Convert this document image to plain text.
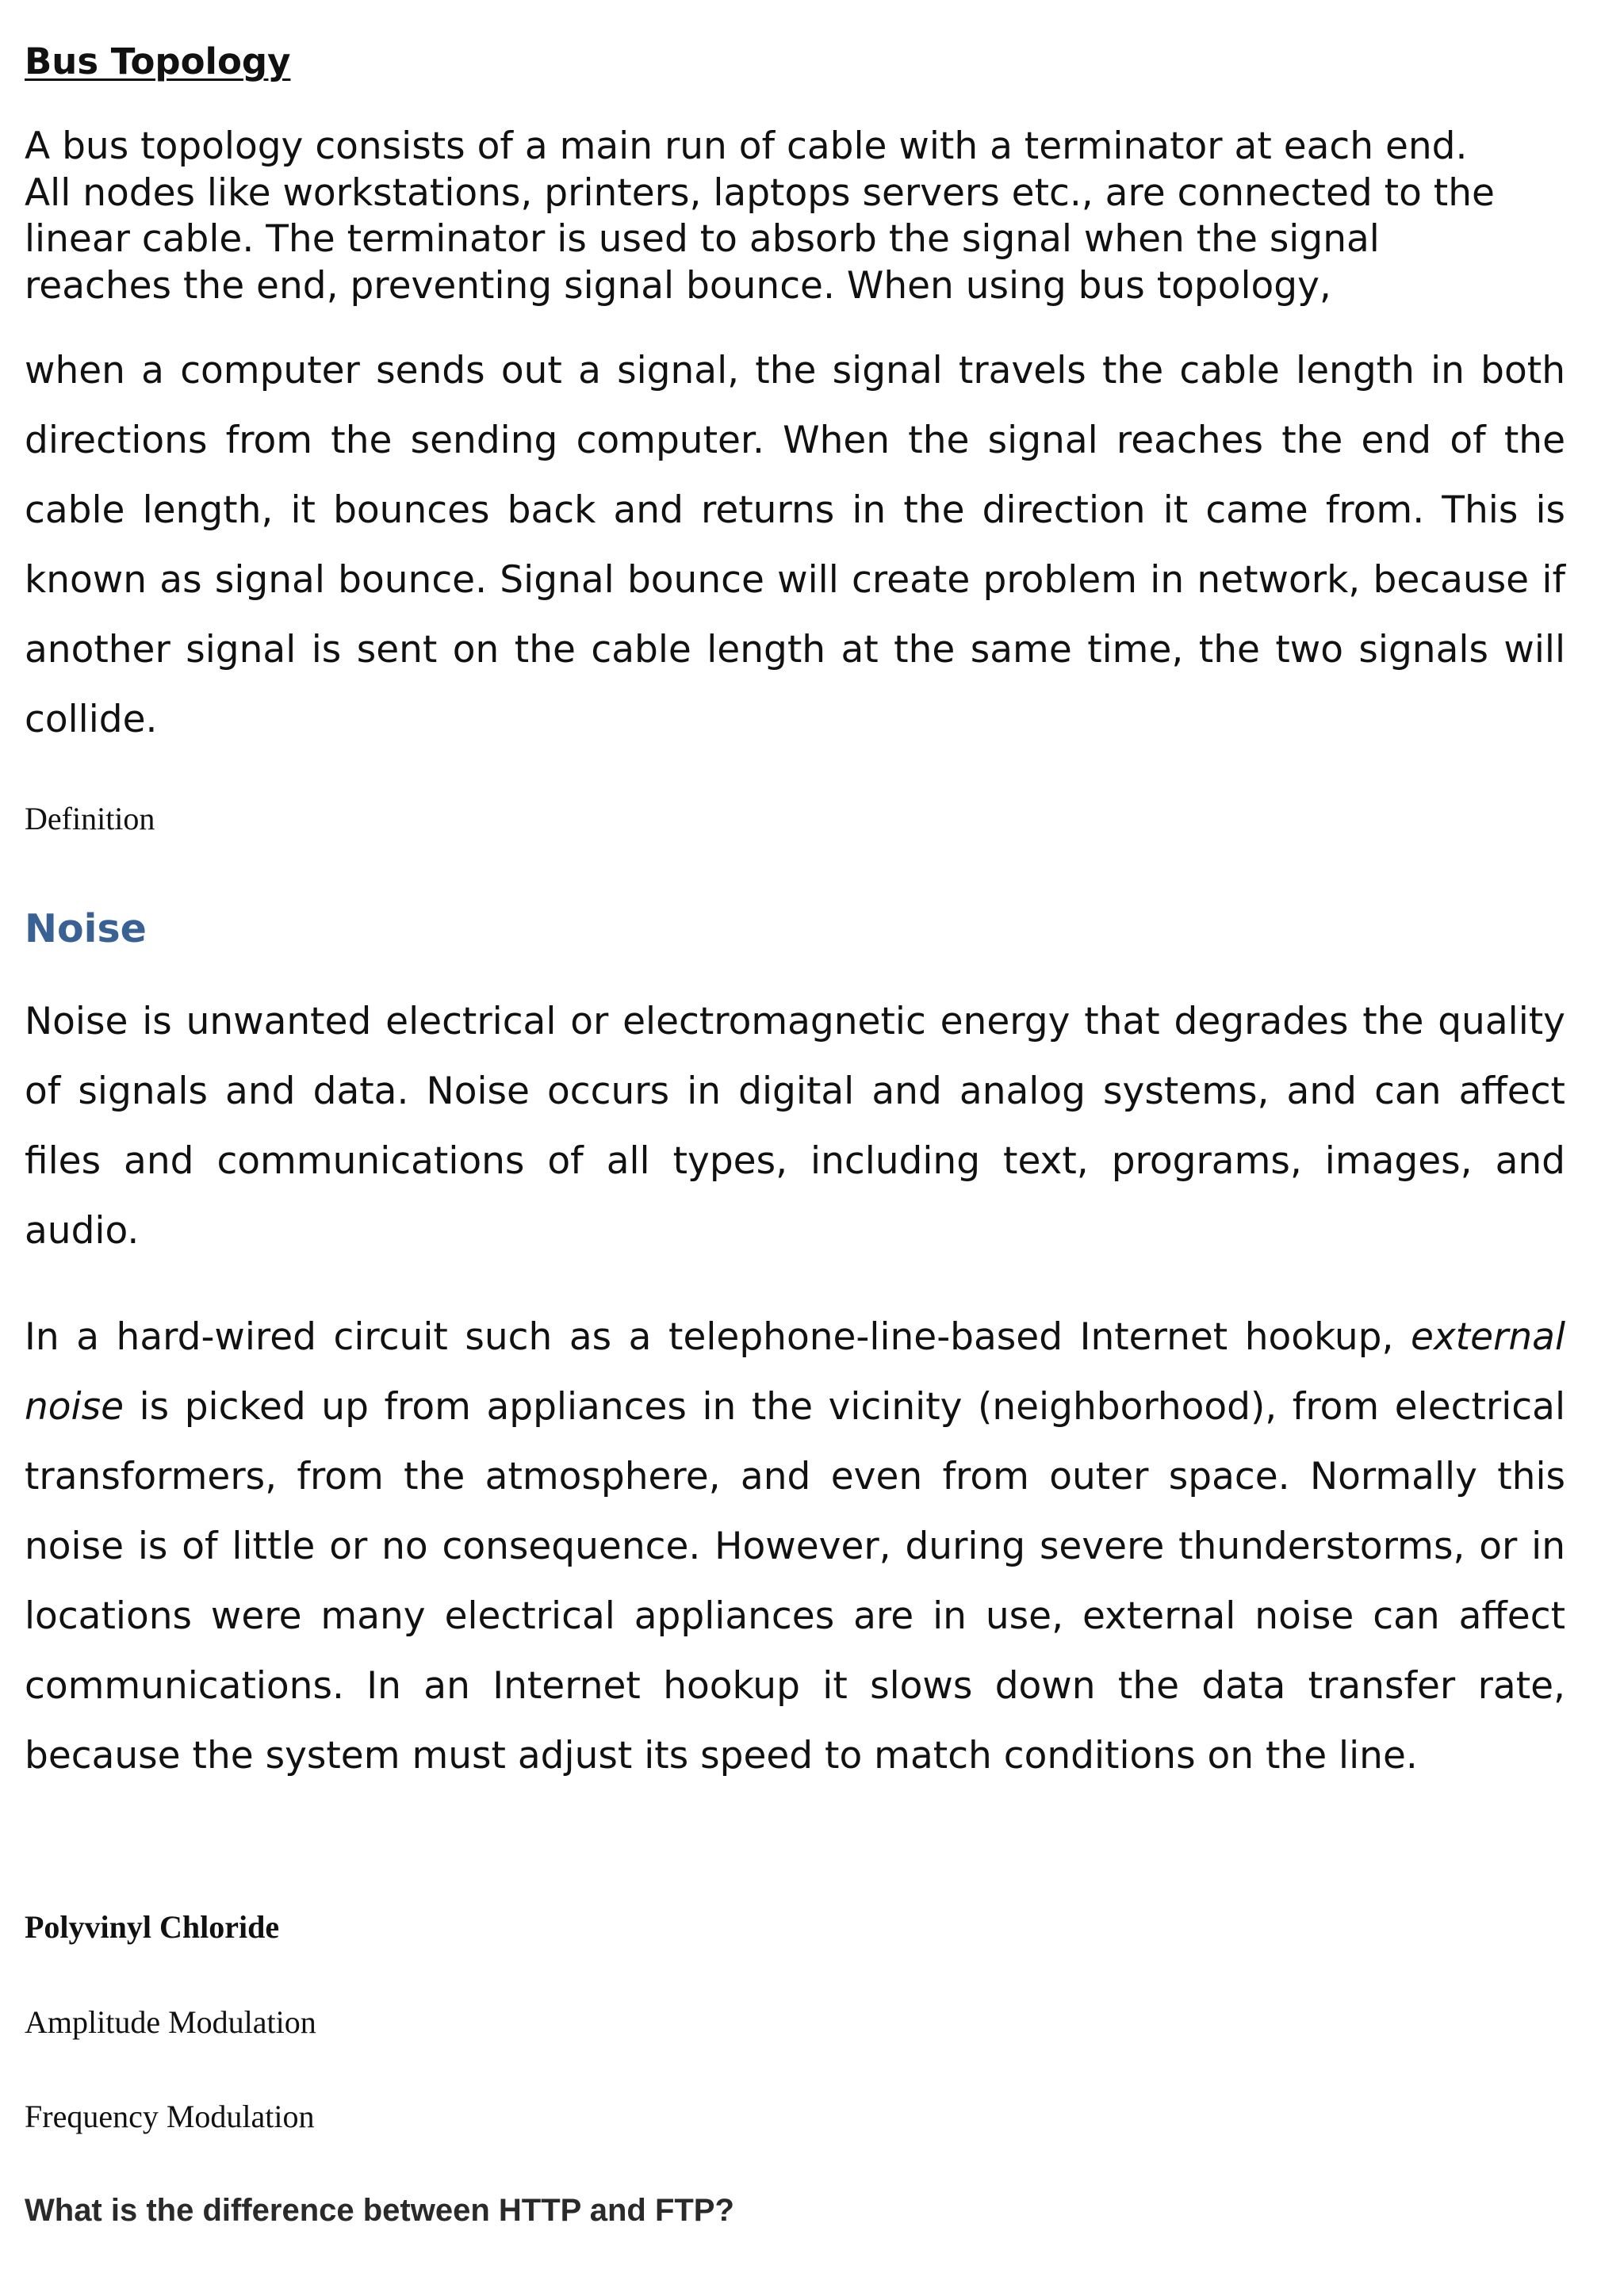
Bus Topology

A bus topology consists of a main run of cable with a terminator at each end.
All nodes like workstations, printers, laptops servers etc., are connected to the
linear cable. The terminator is used to absorb the signal when the signal
reaches the end, preventing signal bounce. When using bus topology,

when a computer sends out a signal, the signal travels the cable length in both directions from the sending computer. When the signal reaches the end of the cable length, it bounces back and returns in the direction it came from. This is known as signal bounce. Signal bounce will create problem in network, because if another signal is sent on the cable length at the same time, the two signals will collide.

Definition
Noise

Noise is unwanted electrical or electromagnetic energy that degrades the quality of signals and data. Noise occurs in digital and analog systems, and can affect files and communications of all types, including text, programs, images, and audio.

In a hard-wired circuit such as a telephone-line-based Internet hookup, external noise is picked up from appliances in the vicinity (neighborhood), from electrical transformers, from the atmosphere, and even from outer space. Normally this noise is of little or no consequence. However, during severe thunderstorms, or in locations were many electrical appliances are in use, external noise can affect communications. In an Internet hookup it slows down the data transfer rate, because the system must adjust its speed to match conditions on the line.

Polyvinyl Chloride
Amplitude Modulation
Frequency Modulation
What is the difference between HTTP and FTP?
